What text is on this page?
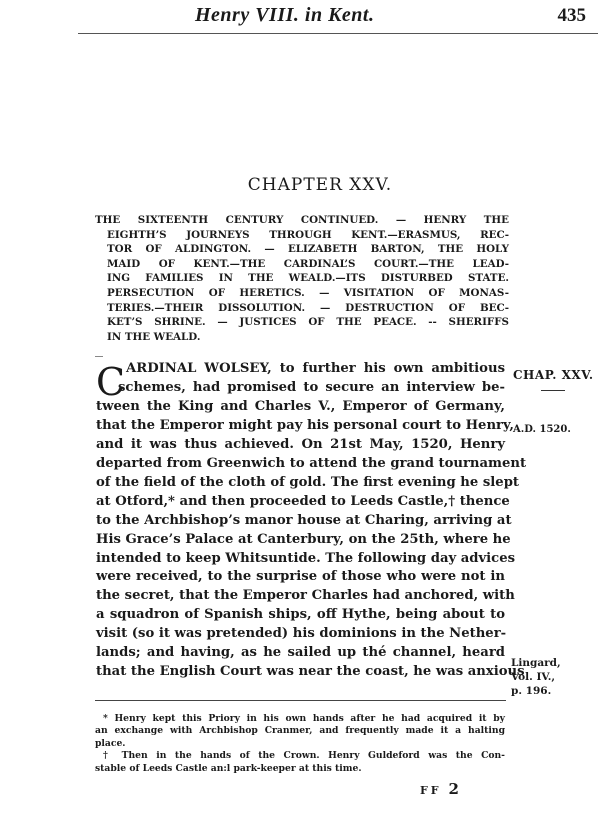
Henry VIII. in Kent.	435
CHAPTER XXV.
THE SIXTEENTH CENTURY CONTINUED. — HENRY THE
EIGHTH’S JOURNEYS THROUGH KENT.—ERASMUS, REC-
TOR OF ALDINGTON. — ELIZABETH BARTON, THE HOLY
MAID OF KENT.—THE CARDINAL’S COURT.—THE LEAD-
ING FAMILIES IN THE WEALD.—ITS DISTURBED STATE.
PERSECUTION OF HERETICS. — VISITATION OF MONAS-
TERIES.—THEIR DISSOLUTION. — DESTRUCTION OF BEC-
KET’S SHRINE. — JUSTICES OF THE PEACE. -- SHERIFFS
IN THE WEALD.
C ARDINAL WOLSEY, to further his own ambitious
schemes, had promised to secure an interview be-
tween the King and Charles V., Emperor of Germany,
that the Emperor might pay his personal court to Henry,
and it was thus achieved. On 21st May, 1520, Henry
departed from Greenwich to attend the grand tournament
of the field of the cloth of gold. The first evening he slept
at Otford,* and then proceeded to Leeds Castle,† thence
to the Archbishop’s manor house at Charing, arriving at
His Grace’s Palace at Canterbury, on the 25th, where he
intended to keep Whitsuntide. The following day advices
were received, to the surprise of those who were not in
the secret, that the Emperor Charles had anchored, with
a squadron of Spanish ships, off Hythe, being about to
visit (so it was pretended) his dominions in the Nether-
lands; and having, as he sailed up thé channel, heard
that the English Court was near the coast, he was anxious
CHAP. XXV.
A.D. 1520.
Lingard,
Vol. IV.,
p. 196.
* Henry kept this Priory in his own hands after he had acquired it by
an exchange with Archbishop Cranmer, and frequently made it a halting
place.
† Then in the hands of the Crown. Henry Guldeford was the Con-
stable of Leeds Castle an:l park-keeper at this time.
FF 2
